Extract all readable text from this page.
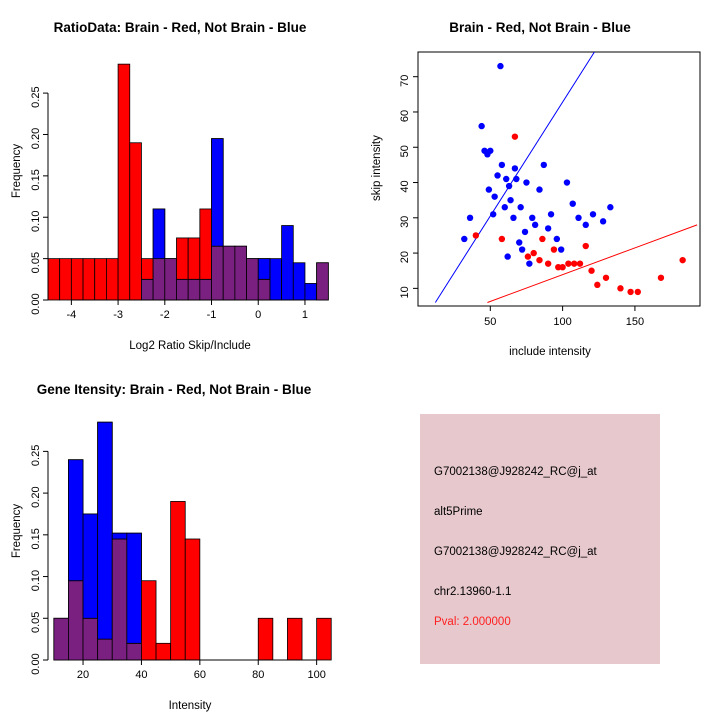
RatioData: Brain - Red, Not Brain - Blue
Frequency
Log2 Ratio Skip/Include
-4	-3	-2	-1	0	1
0.00
0.05
0.10
0.15
0.20
0.25
Brain - Red, Not Brain - Blue
skip intensity
include intensity
50	100	150
10
20
30
40
50
60
70
Gene Itensity: Brain - Red, Not Brain - Blue
Frequency
Intensity
20	40	60	80	100
0.00
0.05
0.10
0.15
0.20
0.25
G7002138@J928242_RC@j_at
alt5Prime
G7002138@J928242_RC@j_at
chr2.13960-1.1
Pval: 2.000000
